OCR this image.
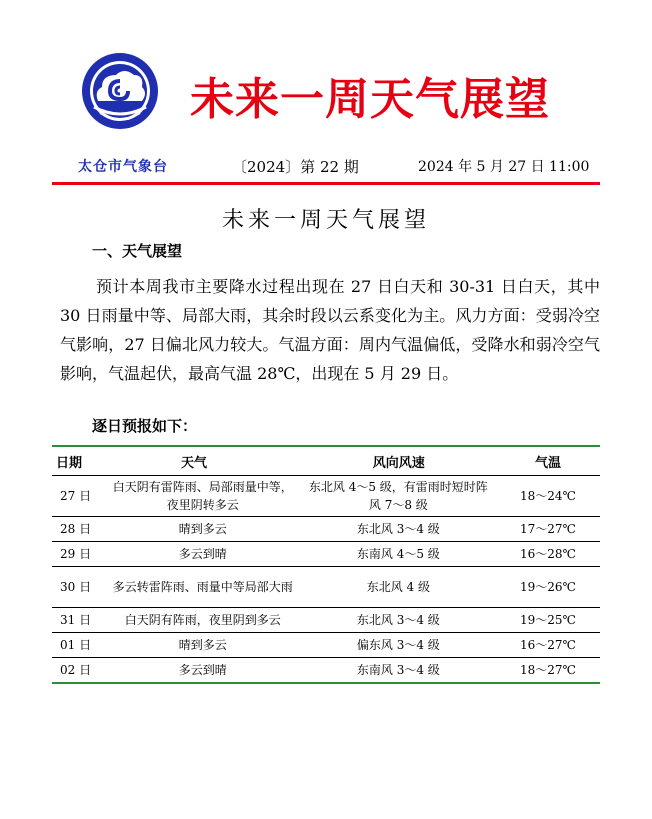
未来一周天气展望
太仓市气象台	〔2024〕第 22 期	2024 年 5 月 27 日 11:00
未来一周天气展望
一、天气展望
预计本周我市主要降水过程出现在 27 日白天和 30-31 日白天，其中 30 日雨量中等、局部大雨，其余时段以云系变化为主。风力方面：受弱冷空气影响，27 日偏北风力较大。气温方面：周内气温偏低，受降水和弱冷空气影响，气温起伏，最高气温 28℃，出现在 5 月 29 日。
逐日预报如下：
日期	天气	风向风速	气温
27 日	白天阴有雷阵雨、局部雨量中等，夜里阴转多云	东北风 4～5 级，有雷雨时短时阵风 7～8 级	18～24℃
28 日	晴到多云	东北风 3～4 级	17～27℃
29 日	多云到晴	东南风 4～5 级	16～28℃
30 日	多云转雷阵雨、雨量中等局部大雨	东北风 4 级	19～26℃
31 日	白天阴有阵雨，夜里阴到多云	东北风 3～4 级	19～25℃
01 日	晴到多云	偏东风 3～4 级	16～27℃
02 日	多云到晴	东南风 3～4 级	18～27℃
